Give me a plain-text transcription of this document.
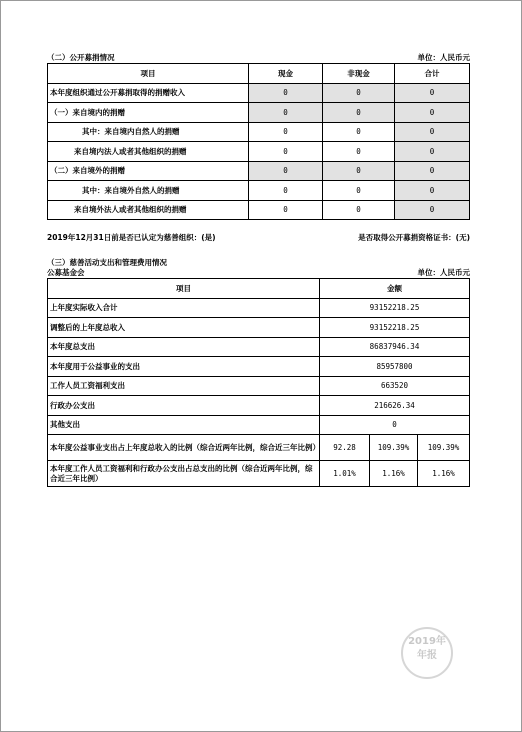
（二）公开募捐情况	单位：人民币元
项目	现金	非现金	合计
本年度组织通过公开募捐取得的捐赠收入	0	0	0
（一）来自境内的捐赠	0	0	0
其中：来自境内自然人的捐赠	0	0	0
来自境内法人或者其他组织的捐赠	0	0	0
（二）来自境外的捐赠	0	0	0
其中：来自境外自然人的捐赠	0	0	0
来自境外法人或者其他组织的捐赠	0	0	0
2019年12月31日前是否已认定为慈善组织：(是)	是否取得公开募捐资格证书：(无)
（三）慈善活动支出和管理费用情况
公募基金会	单位：人民币元
项目	金额		
上年度实际收入合计	93152218.25		
调整后的上年度总收入	93152218.25		
本年度总支出	86837946.34		
本年度用于公益事业的支出	85957800		
工作人员工资福利支出	663520		
行政办公支出	216626.34		
其他支出	0		
本年度公益事业支出占上年度总收入的比例（综合近两年比例，综合近三年比例）	92.28	109.39%	109.39%
本年度工作人员工资福利和行政办公支出占总支出的比例（综合近两年比例，综合近三年比例）	1.01%	1.16%	1.16%
2019年
年报
